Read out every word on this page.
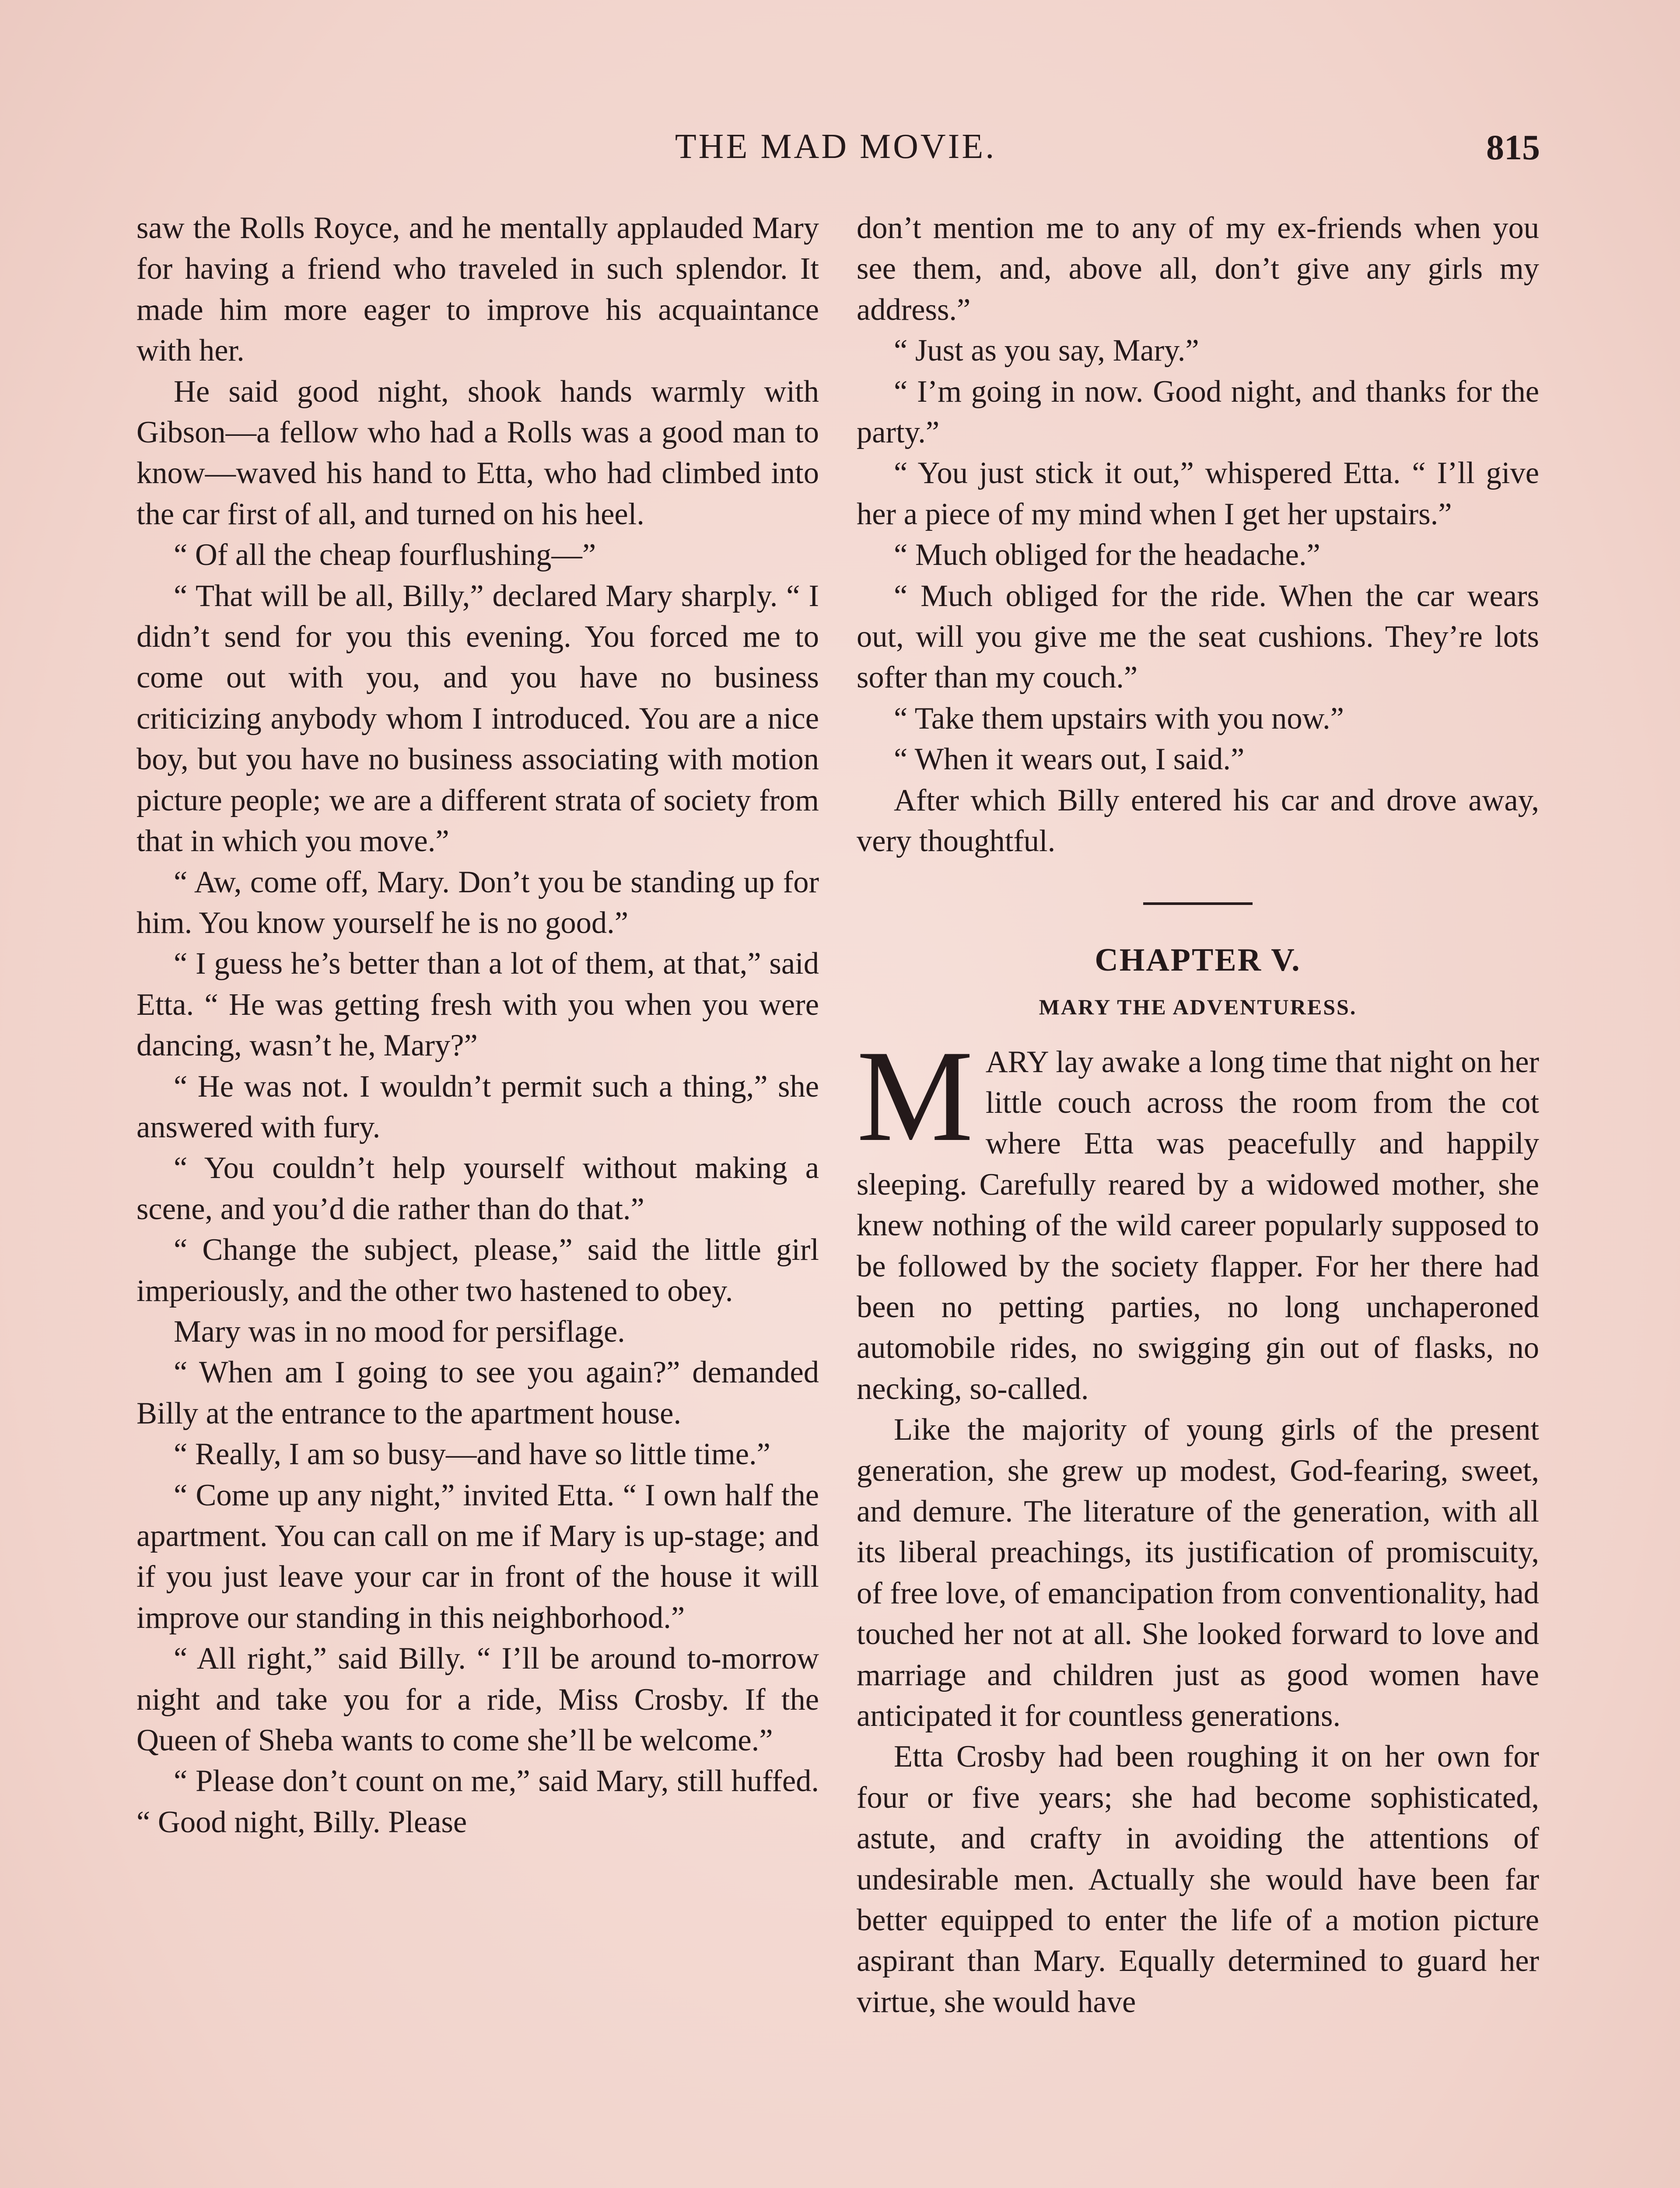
THE MAD MOVIE.	815

saw the Rolls Royce, and he mentally applauded Mary for having a friend who traveled in such splendor. It made him more eager to improve his acquaintance with her.

He said good night, shook hands warmly with Gibson—a fellow who had a Rolls was a good man to know—waved his hand to Etta, who had climbed into the car first of all, and turned on his heel.

“ Of all the cheap fourflushing—”

“ That will be all, Billy,” declared Mary sharply. “ I didn’t send for you this evening. You forced me to come out with you, and you have no business criticizing anybody whom I introduced. You are a nice boy, but you have no business associating with motion picture people; we are a different strata of society from that in which you move.”

“ Aw, come off, Mary. Don’t you be standing up for him. You know yourself he is no good.”

“ I guess he’s better than a lot of them, at that,” said Etta. “ He was getting fresh with you when you were dancing, wasn’t he, Mary?”

“ He was not. I wouldn’t permit such a thing,” she answered with fury.

“ You couldn’t help yourself without making a scene, and you’d die rather than do that.”

“ Change the subject, please,” said the little girl imperiously, and the other two hastened to obey.

Mary was in no mood for persiflage.

“ When am I going to see you again?” demanded Billy at the entrance to the apartment house.

“ Really, I am so busy—and have so little time.”

“ Come up any night,” invited Etta. “ I own half the apartment. You can call on me if Mary is up-stage; and if you just leave your car in front of the house it will improve our standing in this neighborhood.”

“ All right,” said Billy. “ I’ll be around to-morrow night and take you for a ride, Miss Crosby. If the Queen of Sheba wants to come she’ll be welcome.”

“ Please don’t count on me,” said Mary, still huffed. “ Good night, Billy. Please

don’t mention me to any of my ex-friends when you see them, and, above all, don’t give any girls my address.”

“ Just as you say, Mary.”

“ I’m going in now. Good night, and thanks for the party.”

“ You just stick it out,” whispered Etta. “ I’ll give her a piece of my mind when I get her upstairs.”

“ Much obliged for the headache.”

“ Much obliged for the ride. When the car wears out, will you give me the seat cushions. They’re lots softer than my couch.”

“ Take them upstairs with you now.”

“ When it wears out, I said.”

After which Billy entered his car and drove away, very thoughtful.

CHAPTER V.
MARY THE ADVENTURESS.

MARY lay awake a long time that night on her little couch across the room from the cot where Etta was peacefully and happily sleeping. Carefully reared by a widowed mother, she knew nothing of the wild career popularly supposed to be followed by the society flapper. For her there had been no petting parties, no long unchaperoned automobile rides, no swigging gin out of flasks, no necking, so-called.

Like the majority of young girls of the present generation, she grew up modest, God-fearing, sweet, and demure. The literature of the generation, with all its liberal preachings, its justification of promiscuity, of free love, of emancipation from conventionality, had touched her not at all. She looked forward to love and marriage and children just as good women have anticipated it for countless generations.

Etta Crosby had been roughing it on her own for four or five years; she had become sophisticated, astute, and crafty in avoiding the attentions of undesirable men. Actually she would have been far better equipped to enter the life of a motion picture aspirant than Mary. Equally determined to guard her virtue, she would have
